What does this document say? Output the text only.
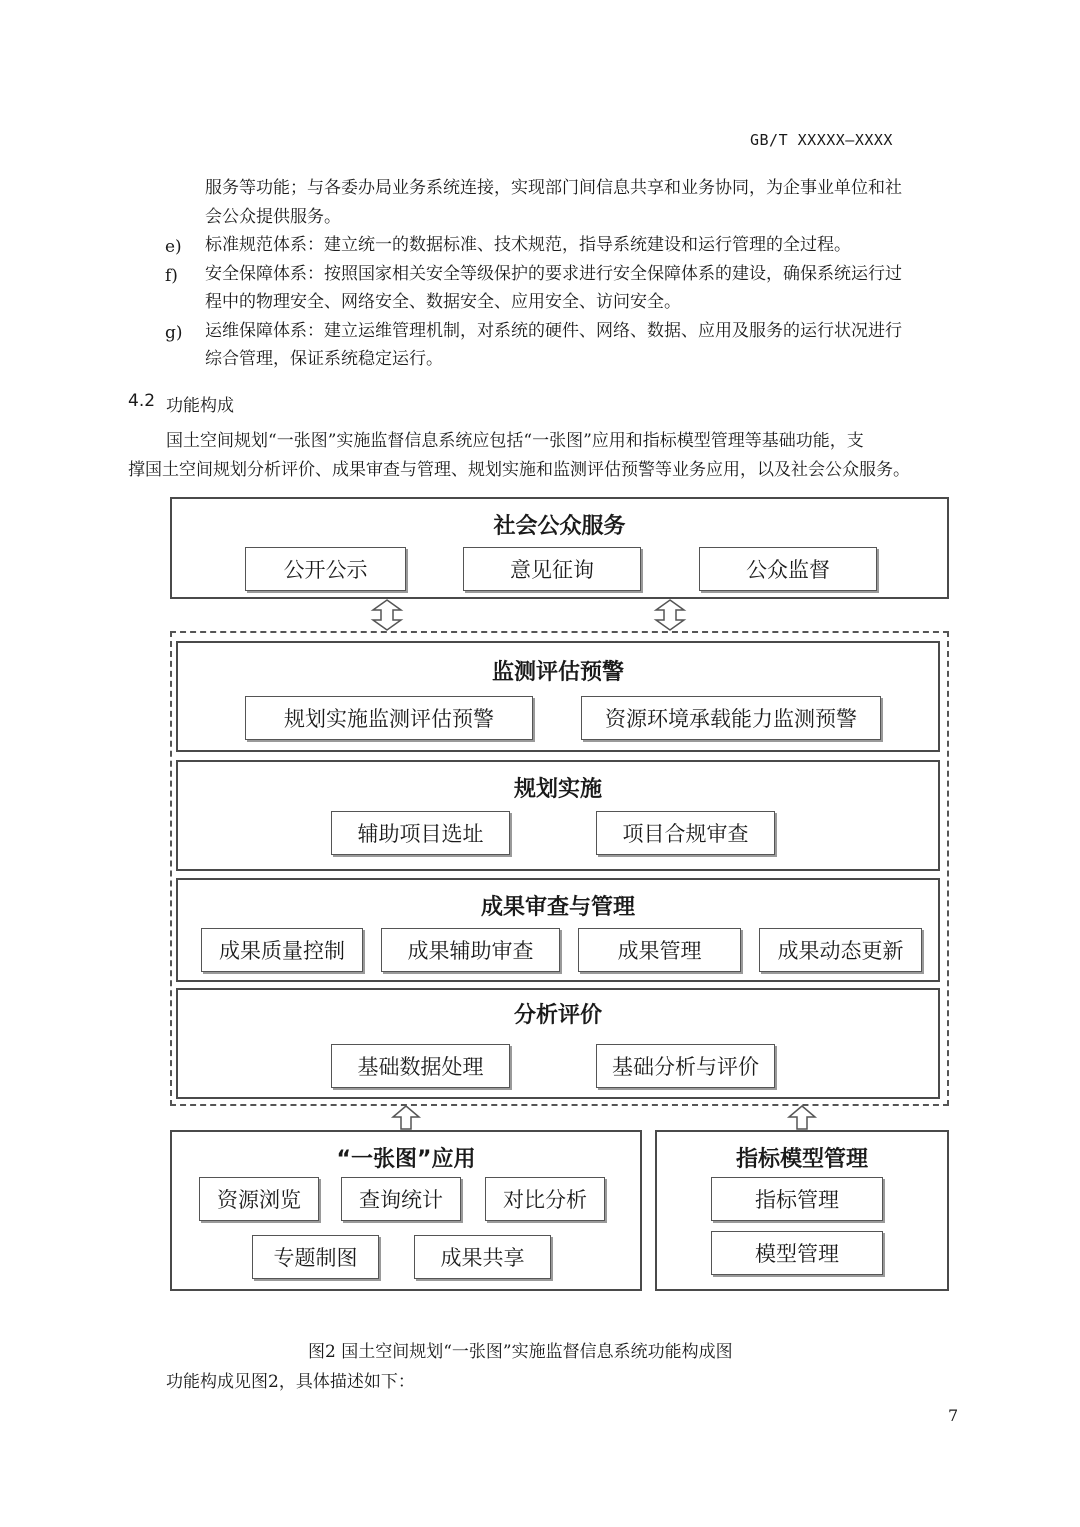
GB/T XXXXX—XXXX
服务等功能；与各委办局业务系统连接，实现部门间信息共享和业务协同，为企事业单位和社
会公众提供服务。
e) 标准规范体系：建立统一的数据标准、技术规范，指导系统建设和运行管理的全过程。
f) 安全保障体系：按照国家相关安全等级保护的要求进行安全保障体系的建设，确保系统运行过
程中的物理安全、网络安全、数据安全、应用安全、访问安全。
g) 运维保障体系：建立运维管理机制，对系统的硬件、网络、数据、应用及服务的运行状况进行
综合管理，保证系统稳定运行。
4.2 功能构成
国土空间规划“一张图”实施监督信息系统应包括“一张图”应用和指标模型管理等基础功能，支
撑国土空间规划分析评价、成果审查与管理、规划实施和监测评估预警等业务应用，以及社会公众服务。
社会公众服务
公开公示	意见征询	公众监督
监测评估预警
规划实施监测评估预警	资源环境承载能力监测预警
规划实施
辅助项目选址	项目合规审查
成果审查与管理
成果质量控制	成果辅助审查	成果管理	成果动态更新
分析评价
基础数据处理	基础分析与评价
“一张图”应用
资源浏览	查询统计	对比分析
专题制图	成果共享
指标模型管理
指标管理
模型管理
图2 国土空间规划“一张图”实施监督信息系统功能构成图
功能构成见图2，具体描述如下：
7
